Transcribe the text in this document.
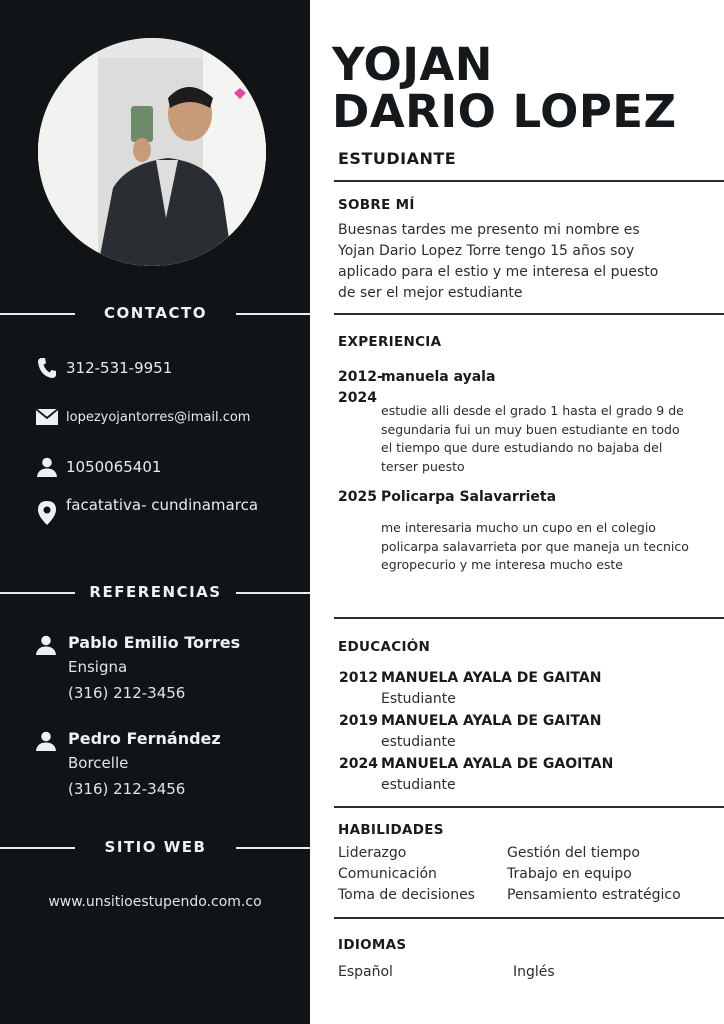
CONTACTO
312-531-9951
lopezyojantorres@imail.com
1050065401
facatativa- cundinamarca
REFERENCIAS
Pablo Emilio Torres
Ensigna
(316) 212-3456
Pedro Fernández
Borcelle
(316) 212-3456
SITIO WEB
www.unsitioestupendo.com.co
YOJAN
DARIO LOPEZ
ESTUDIANTE
SOBRE MÍ
Buesnas tardes me presento mi nombre es
Yojan Dario Lopez Torre tengo 15 años soy
aplicado para el estio y me interesa el puesto
de ser el mejor estudiante
EXPERIENCIA
2012-
2024
manuela ayala
estudie alli desde el grado 1 hasta el grado 9 de
segundaria fui un muy buen estudiante en todo
el tiempo que dure estudiando no bajaba del
terser puesto
2025 Policarpa Salavarrieta
me interesaria mucho un cupo en el colegio
policarpa salavarrieta por que maneja un tecnico
egropecurio y me interesa mucho este
EDUCACIÓN
2012 MANUELA AYALA DE GAITAN
Estudiante
2019 MANUELA AYALA DE GAITAN
estudiante
2024 MANUELA AYALA DE GAOITAN
estudiante
HABILIDADES
Liderazgo
Comunicación
Toma de decisiones
Gestión del tiempo
Trabajo en equipo
Pensamiento estratégico
IDIOMAS
Español	Inglés
